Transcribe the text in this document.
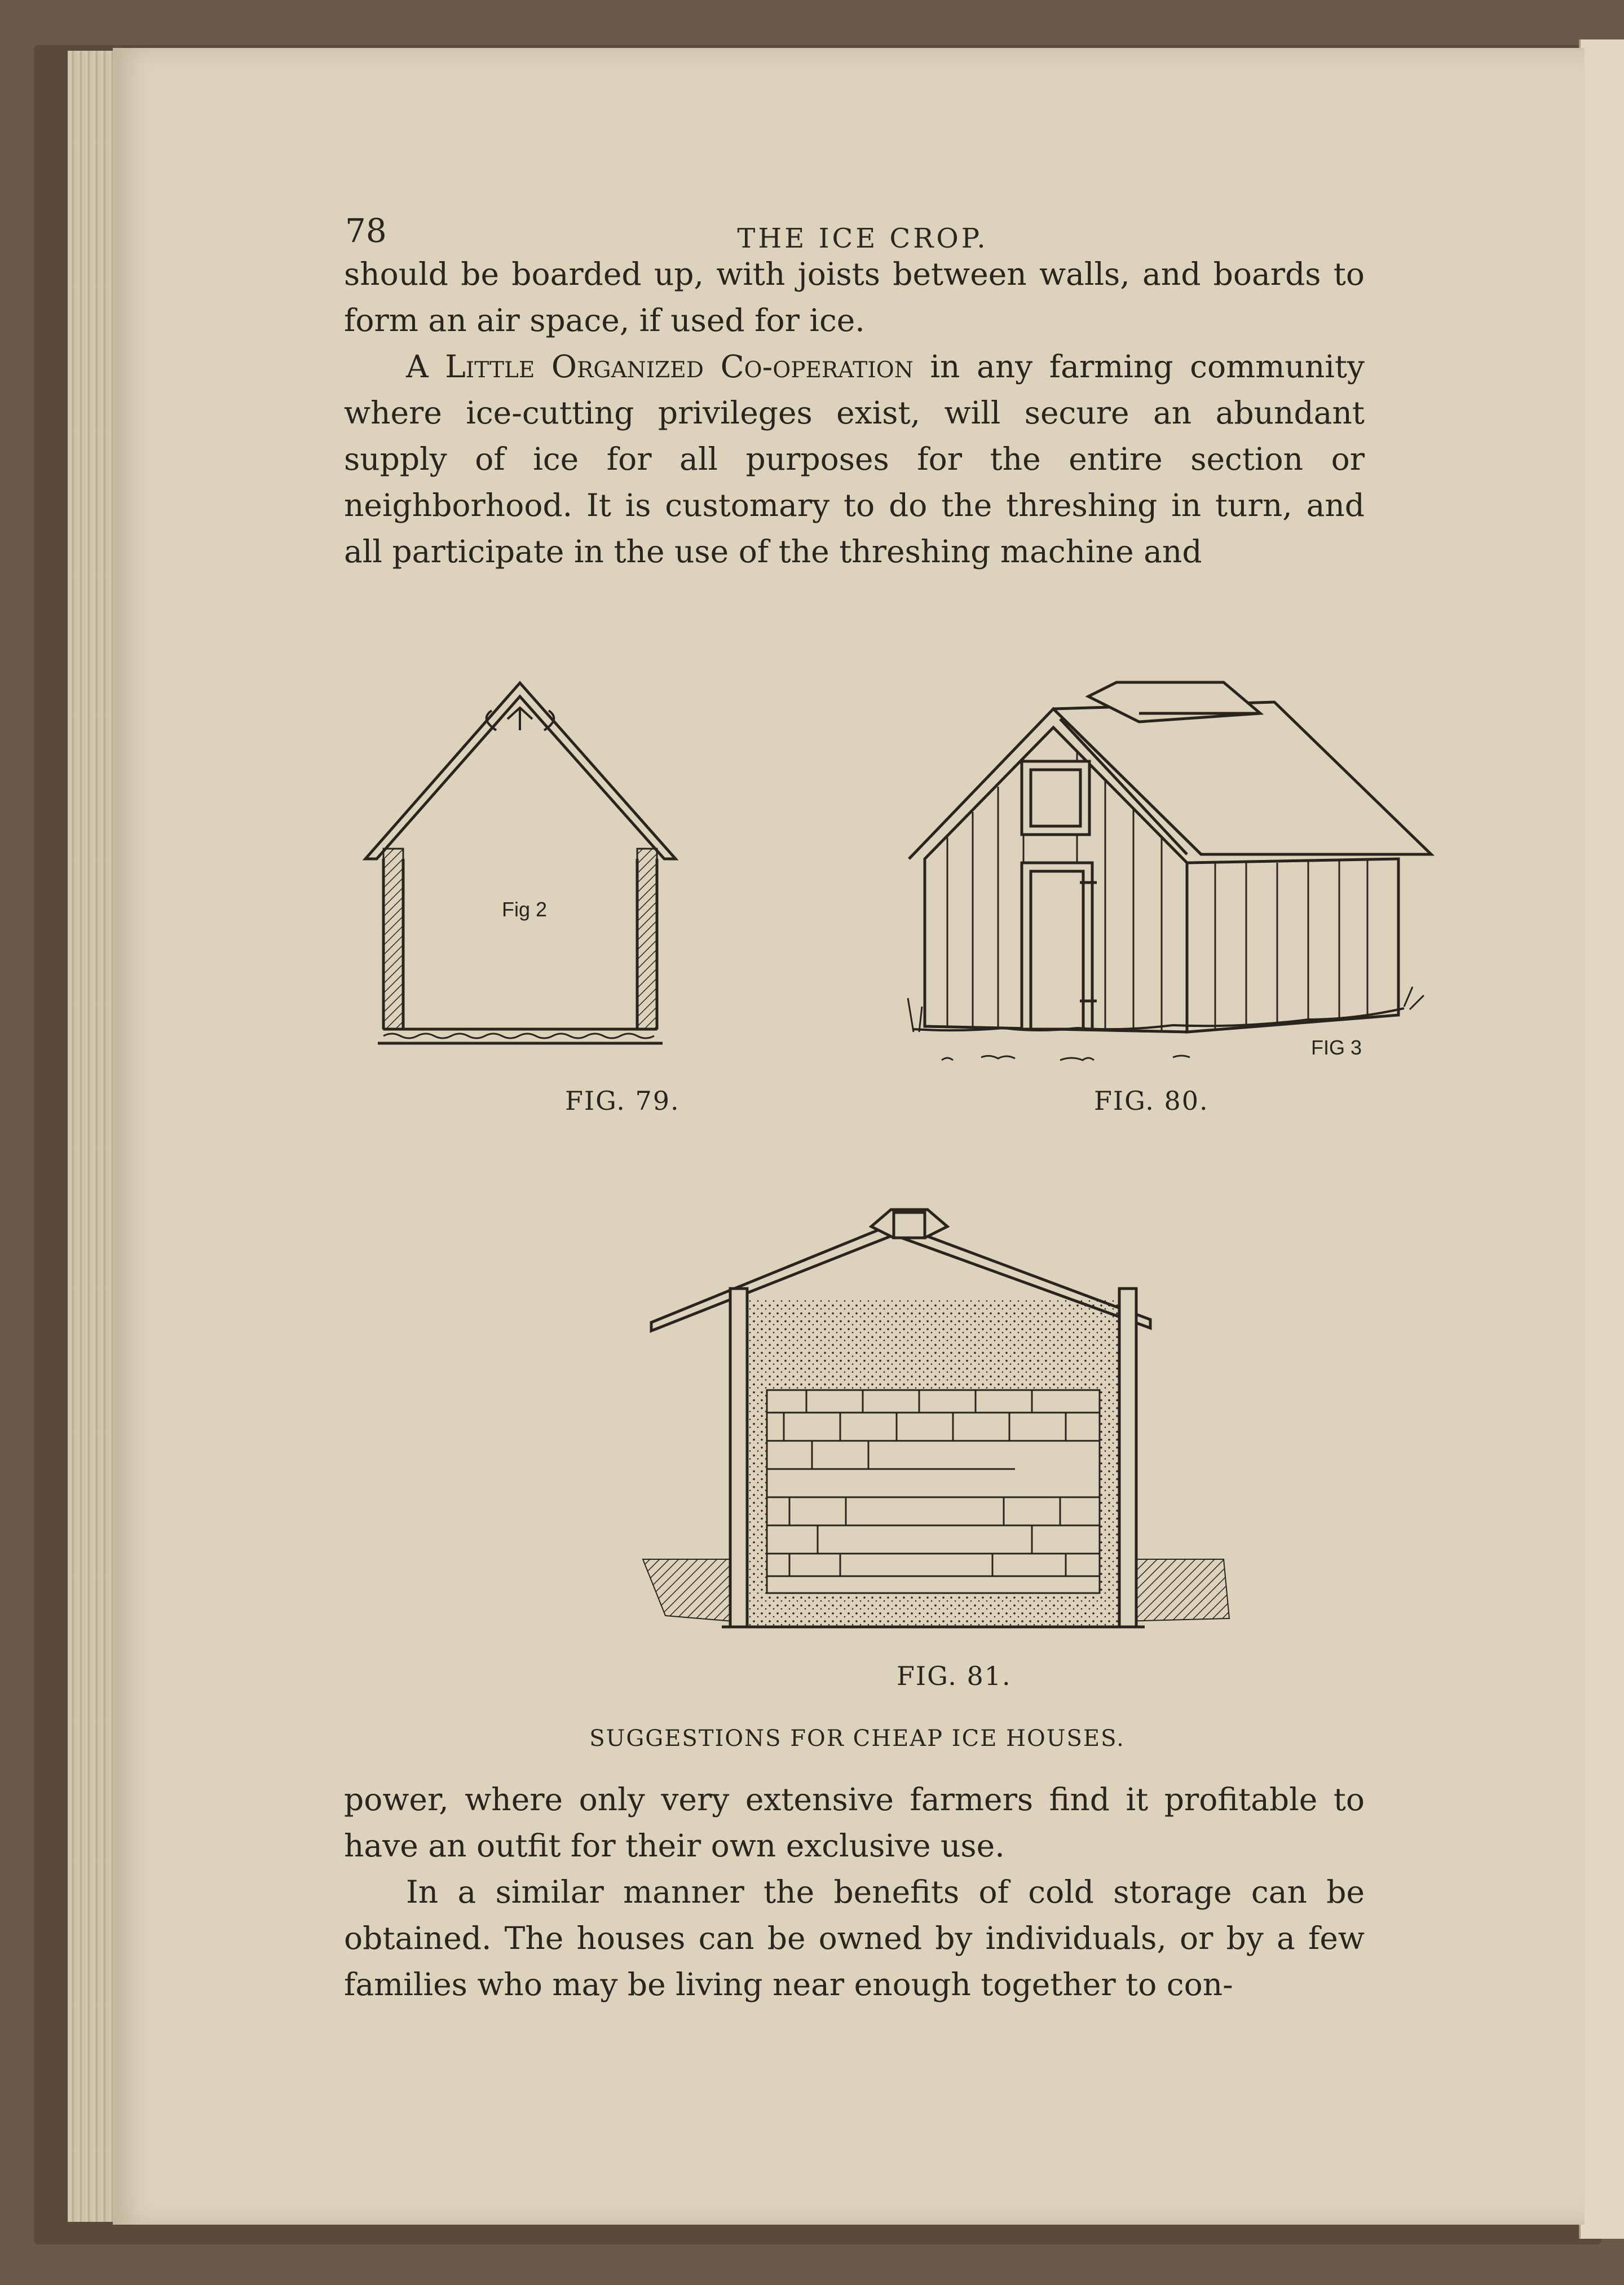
78	THE ICE CROP.

should be boarded up, with joists between walls, and boards to form an air space, if used for ice.

A Little Organized Co-operation in any farming community where ice-cutting privileges exist, will secure an abundant supply of ice for all purposes for the entire section or neighborhood. It is customary to do the threshing in turn, and all participate in the use of the threshing machine and

Fig 2
FIG 3
FIG. 79.	FIG. 80.
FIG. 81.
SUGGESTIONS FOR CHEAP ICE HOUSES.

power, where only very extensive farmers find it profitable to have an outfit for their own exclusive use.

In a similar manner the benefits of cold storage can be obtained. The houses can be owned by individuals, or by a few families who may be living near enough together to con-
